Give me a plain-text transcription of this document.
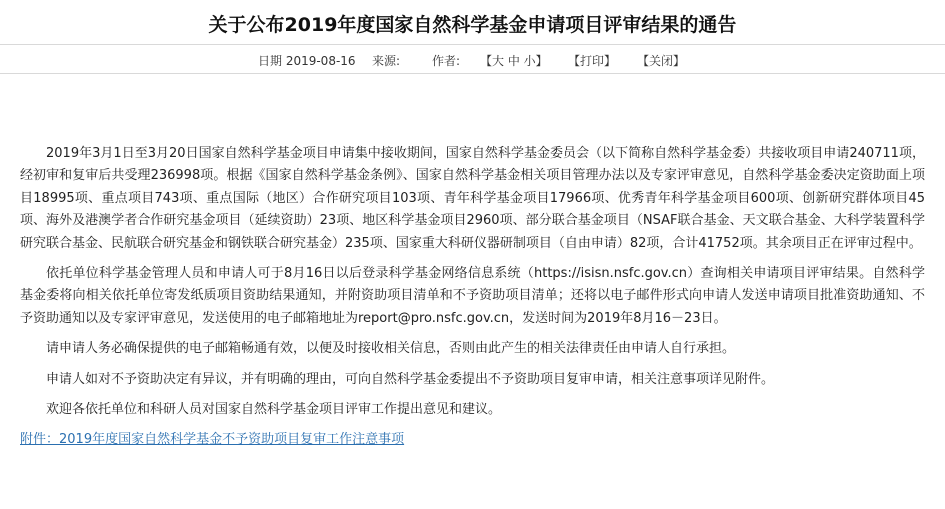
关于公布2019年度国家自然科学基金申请项目评审结果的通告
日期 2019-08-16 来源:	作者: 【大 中 小】 【打印】 【关闭】

2019年3月1日至3月20日国家自然科学基金项目申请集中接收期间，国家自然科学基金委员会（以下简称自然科学基金委）共接收项目申请240711项，经初审和复审后共受理236998项。根据《国家自然科学基金条例》、国家自然科学基金相关项目管理办法以及专家评审意见，自然科学基金委决定资助面上项目18995项、重点项目743项、重点国际（地区）合作研究项目103项、青年科学基金项目17966项、优秀青年科学基金项目600项、创新研究群体项目45项、海外及港澳学者合作研究基金项目（延续资助）23项、地区科学基金项目2960项、部分联合基金项目（NSAF联合基金、天文联合基金、大科学装置科学研究联合基金、民航联合研究基金和钢铁联合研究基金）235项、国家重大科研仪器研制项目（自由申请）82项，合计41752项。其余项目正在评审过程中。

依托单位科学基金管理人员和申请人可于8月16日以后登录科学基金网络信息系统（https://isisn.nsfc.gov.cn）查询相关申请项目评审结果。自然科学基金委将向相关依托单位寄发纸质项目资助结果通知，并附资助项目清单和不予资助项目清单；还将以电子邮件形式向申请人发送申请项目批准资助通知、不予资助通知以及专家评审意见，发送使用的电子邮箱地址为report@pro.nsfc.gov.cn，发送时间为2019年8月16－23日。

请申请人务必确保提供的电子邮箱畅通有效，以便及时接收相关信息，否则由此产生的相关法律责任由申请人自行承担。

申请人如对不予资助决定有异议，并有明确的理由，可向自然科学基金委提出不予资助项目复审申请，相关注意事项详见附件。

欢迎各依托单位和科研人员对国家自然科学基金项目评审工作提出意见和建议。

附件：2019年度国家自然科学基金不予资助项目复审工作注意事项
